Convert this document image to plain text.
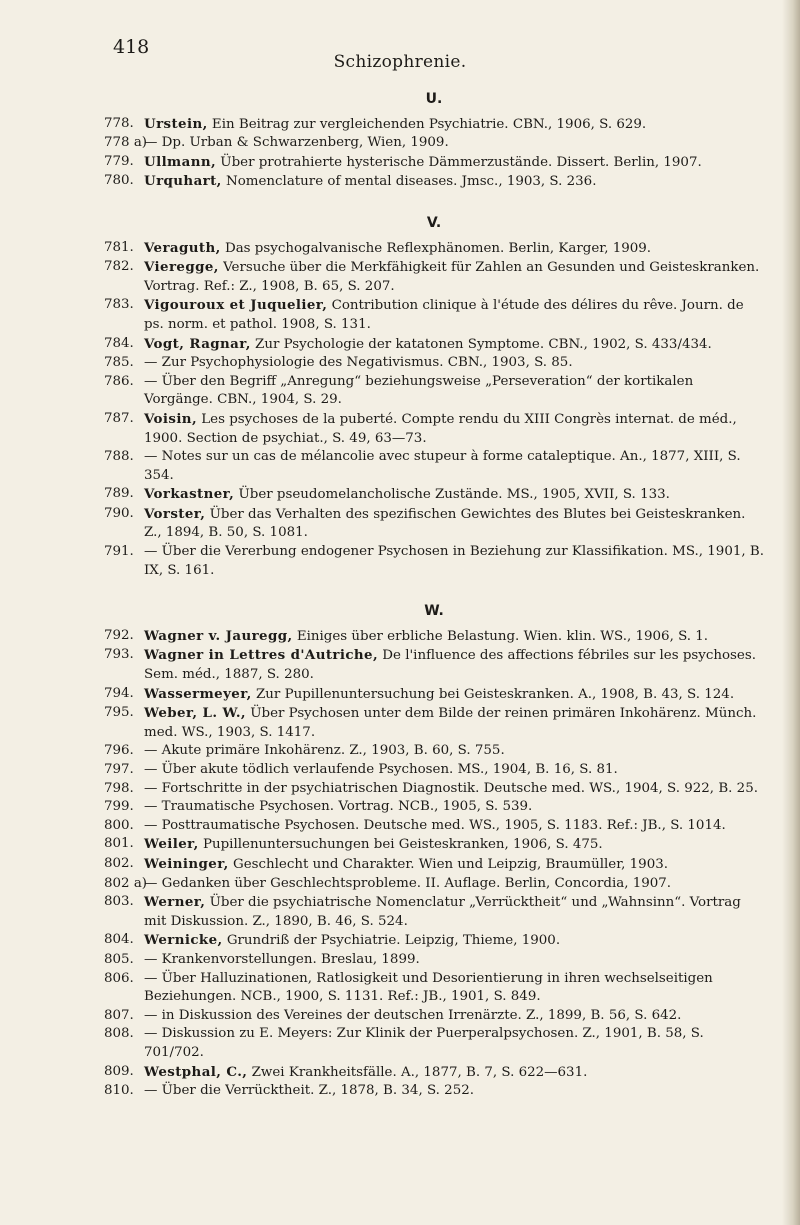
418
Schizophrenie.
U.
778. Urstein, Ein Beitrag zur vergleichenden Psychiatrie. CBN., 1906, S. 629.
778 a)
— Dp. Urban & Schwarzenberg, Wien, 1909.
779. Ullmann, Über protrahierte hysterische Dämmerzustände. Dissert. Berlin, 1907.
780. Urquhart, Nomenclature of mental diseases. Jmsc., 1903, S. 236.
V.
781. Veraguth, Das psychogalvanische Reflexphänomen. Berlin, Karger, 1909.
782. Vieregge, Versuche über die Merkfähigkeit für Zahlen an Gesunden und Geisteskranken. Vortrag. Ref.: Z., 1908, B. 65, S. 207.
783. Vigouroux et Juquelier, Contribution clinique à l'étude des délires du rêve. Journ. de ps. norm. et pathol. 1908, S. 131.
784. Vogt, Ragnar, Zur Psychologie der katatonen Symptome. CBN., 1902, S. 433/434.
785. — Zur Psychophysiologie des Negativismus. CBN., 1903, S. 85.
786. — Über den Begriff „Anregung“ beziehungsweise „Perseveration“ der kortikalen Vorgänge. CBN., 1904, S. 29.
787. Voisin, Les psychoses de la puberté. Compte rendu du XIII Congrès internat. de méd., 1900. Section de psychiat., S. 49, 63—73.
788. — Notes sur un cas de mélancolie avec stupeur à forme cataleptique. An., 1877, XIII, S. 354.
789. Vorkastner, Über pseudomelancholische Zustände. MS., 1905, XVII, S. 133.
790. Vorster, Über das Verhalten des spezifischen Gewichtes des Blutes bei Geisteskranken. Z., 1894, B. 50, S. 1081.
791. — Über die Vererbung endogener Psychosen in Beziehung zur Klassifikation. MS., 1901, B. IX, S. 161.
W.
792. Wagner v. Jauregg, Einiges über erbliche Belastung. Wien. klin. WS., 1906, S. 1.
793. Wagner in Lettres d'Autriche, De l'influence des affections fébriles sur les psychoses. Sem. méd., 1887, S. 280.
794. Wassermeyer, Zur Pupillenuntersuchung bei Geisteskranken. A., 1908, B. 43, S. 124.
795. Weber, L. W., Über Psychosen unter dem Bilde der reinen primären Inkohärenz. Münch. med. WS., 1903, S. 1417.
796. — Akute primäre Inkohärenz. Z., 1903, B. 60, S. 755.
797. — Über akute tödlich verlaufende Psychosen. MS., 1904, B. 16, S. 81.
798. — Fortschritte in der psychiatrischen Diagnostik. Deutsche med. WS., 1904, S. 922, B. 25.
799. — Traumatische Psychosen. Vortrag. NCB., 1905, S. 539.
800. — Posttraumatische Psychosen. Deutsche med. WS., 1905, S. 1183. Ref.: JB., S. 1014.
801. Weiler, Pupillenuntersuchungen bei Geisteskranken, 1906, S. 475.
802. Weininger, Geschlecht und Charakter. Wien und Leipzig, Braumüller, 1903.
802 a)
— Gedanken über Geschlechtsprobleme. II. Auflage. Berlin, Concordia, 1907.
803. Werner, Über die psychiatrische Nomenclatur „Verrücktheit“ und „Wahnsinn“. Vortrag mit Diskussion. Z., 1890, B. 46, S. 524.
804. Wernicke, Grundriß der Psychiatrie. Leipzig, Thieme, 1900.
805. — Krankenvorstellungen. Breslau, 1899.
806. — Über Halluzinationen, Ratlosigkeit und Desorientierung in ihren wechselseitigen Beziehungen. NCB., 1900, S. 1131. Ref.: JB., 1901, S. 849.
807. — in Diskussion des Vereines der deutschen Irrenärzte. Z., 1899, B. 56, S. 642.
808. — Diskussion zu E. Meyers: Zur Klinik der Puerperalpsychosen. Z., 1901, B. 58, S. 701/702.
809. Westphal, C., Zwei Krankheitsfälle. A., 1877, B. 7, S. 622—631.
810. — Über die Verrücktheit. Z., 1878, B. 34, S. 252.
